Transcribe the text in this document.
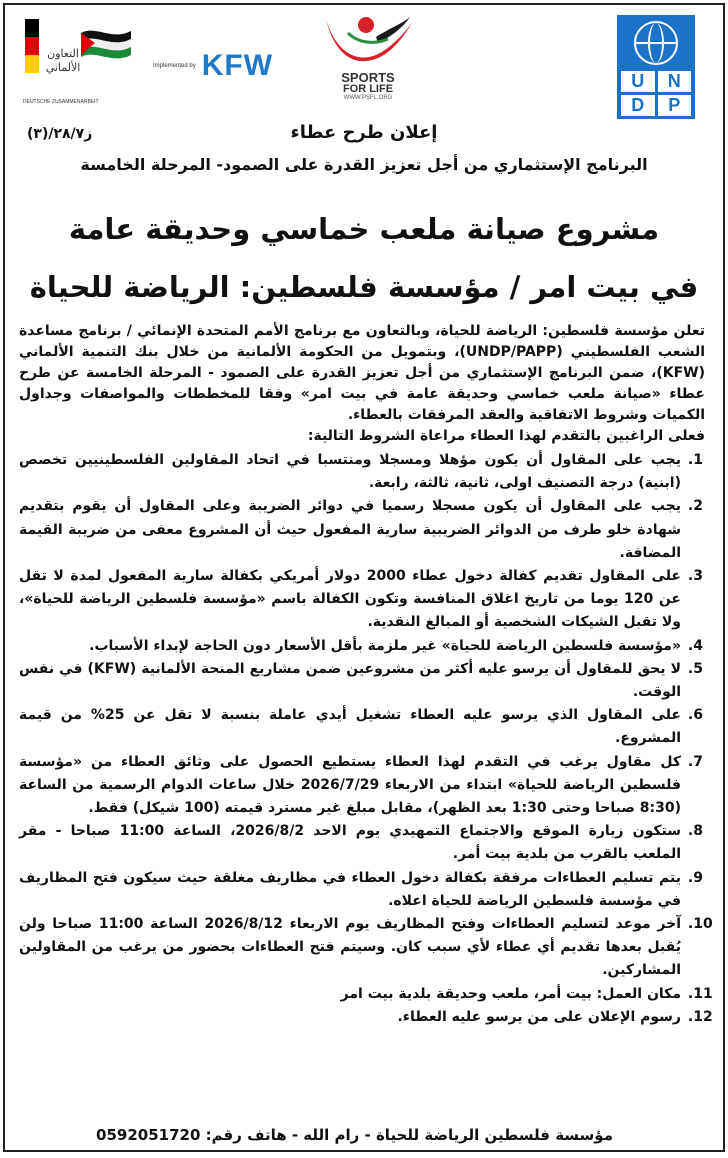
U	N
D	P
SPORTS
FOR LIFE
WWW.PSFL.ORG
Implemented by KFW
التعاون
الألماني
DEUTSCHE ZUSAMMENARBEIT
إعلان طرح عطاء
ز٢٨/٧/(٣)
البرنامج الإستثماري من أجل تعزيز القدرة على الصمود- المرحلة الخامسة
مشروع صيانة ملعب خماسي وحديقة عامة
في بيت امر / مؤسسة فلسطين: الرياضة للحياة

تعلن مؤسسة فلسطين: الرياضة للحياة، وبالتعاون مع برنامج الأمم المتحدة الإنمائي / برنامج مساعدة الشعب الفلسطيني (UNDP/PAPP)، وبتمويل من الحكومة الألمانية من خلال بنك التنمية الألماني (KFW)، ضمن البرنامج الإستثماري من أجل تعزيز القدرة على الصمود - المرحلة الخامسة عن طرح عطاء «صيانة ملعب خماسي وحديقة عامة في بيت امر» وفقا للمخططات والمواصفات وجداول الكميات وشروط الاتفاقية والعقد المرفقات بالعطاء.

فعلى الراغبين بالتقدم لهذا العطاء مراعاة الشروط التالية:

1. يجب على المقاول أن يكون مؤهلا ومسجلا ومنتسبا في اتحاد المقاولين الفلسطينيين تخصص (ابنية) درجة التصنيف اولى، ثانية، ثالثة، رابعة.
2. يجب على المقاول أن يكون مسجلا رسميا في دوائر الضريبة وعلى المقاول أن يقوم بتقديم شهادة خلو طرف من الدوائر الضريبية سارية المفعول حيث أن المشروع معفى من ضريبة القيمة المضافة.
3. على المقاول تقديم كفالة دخول عطاء 2000 دولار أمريكي بكفالة سارية المفعول لمدة لا تقل عن 120 يوما من تاريخ اغلاق المنافسة وتكون الكفالة باسم «مؤسسة فلسطين الرياضة للحياة»، ولا تقبل الشيكات الشخصية أو المبالغ النقدية.
4. «مؤسسة فلسطين الرياضة للحياة» غير ملزمة بأقل الأسعار دون الحاجة لإبداء الأسباب.
5. لا يحق للمقاول أن يرسو عليه أكثر من مشروعين ضمن مشاريع المنحة الألمانية (KFW) في نفس الوقت.
6. على المقاول الذي يرسو عليه العطاء تشغيل أيدي عاملة بنسبة لا تقل عن 25% من قيمة المشروع.
7. كل مقاول يرغب في التقدم لهذا العطاء يستطيع الحصول على وثائق العطاء من «مؤسسة فلسطين الرياضة للحياة» ابتداء من الاربعاء 2026/7/29 خلال ساعات الدوام الرسمية من الساعة (8:30 صباحا وحتى 1:30 بعد الظهر)، مقابل مبلغ غير مسترد قيمته (100 شيكل) فقط.
8. ستكون زيارة الموقع والاجتماع التمهيدي يوم الاحد 2026/8/2، الساعة 11:00 صباحا - مقر الملعب بالقرب من بلدية بيت أمر.
9. يتم تسليم العطاءات مرفقة بكفالة دخول العطاء في مظاريف مغلقة حيث سيكون فتح المظاريف في مؤسسة فلسطين الرياضة للحياة اعلاه.
10. آخر موعد لتسليم العطاءات وفتح المظاريف يوم الاربعاء 2026/8/12 الساعة 11:00 صباحا ولن يُقبل بعدها تقديم أي عطاء لأي سبب كان. وسيتم فتح العطاءات بحضور من يرغب من المقاولين المشاركين.
11. مكان العمل: بيت أمر، ملعب وحديقة بلدية بيت امر
12. رسوم الإعلان على من يرسو عليه العطاء.
مؤسسة فلسطين الرياضة للحياة - رام الله - هاتف رقم: 0592051720
